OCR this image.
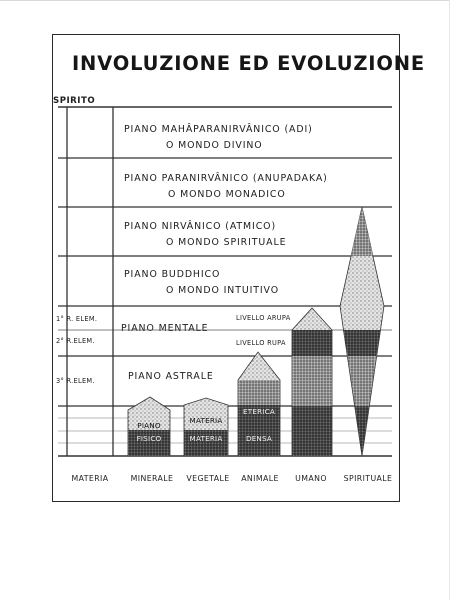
INVOLUZIONE ED EVOLUZIONE
SPIRITO
1° R. ELEM.
2° R.ELEM.
3° R.ELEM.
PIANO MAHÂPARANIRVÂNICO (ADI)
O MONDO DIVINO
PIANO PARANIRVÂNICO (ANUPADAKA)
O MONDO MONADICO
PIANO NIRVÂNICO (ATMICO)
O MONDO SPIRITUALE
PIANO BUDDHICO
O MONDO INTUITIVO
PIANO MENTALE
PIANO ASTRALE
LIVELLO ARUPA
LIVELLO RUPA
PIANO
FISICO
MATERIA
MATERIA
ETERICA
DENSA
MATERIA	MINERALE VEGETALE ANIMALE UMANO SPIRITUALE
